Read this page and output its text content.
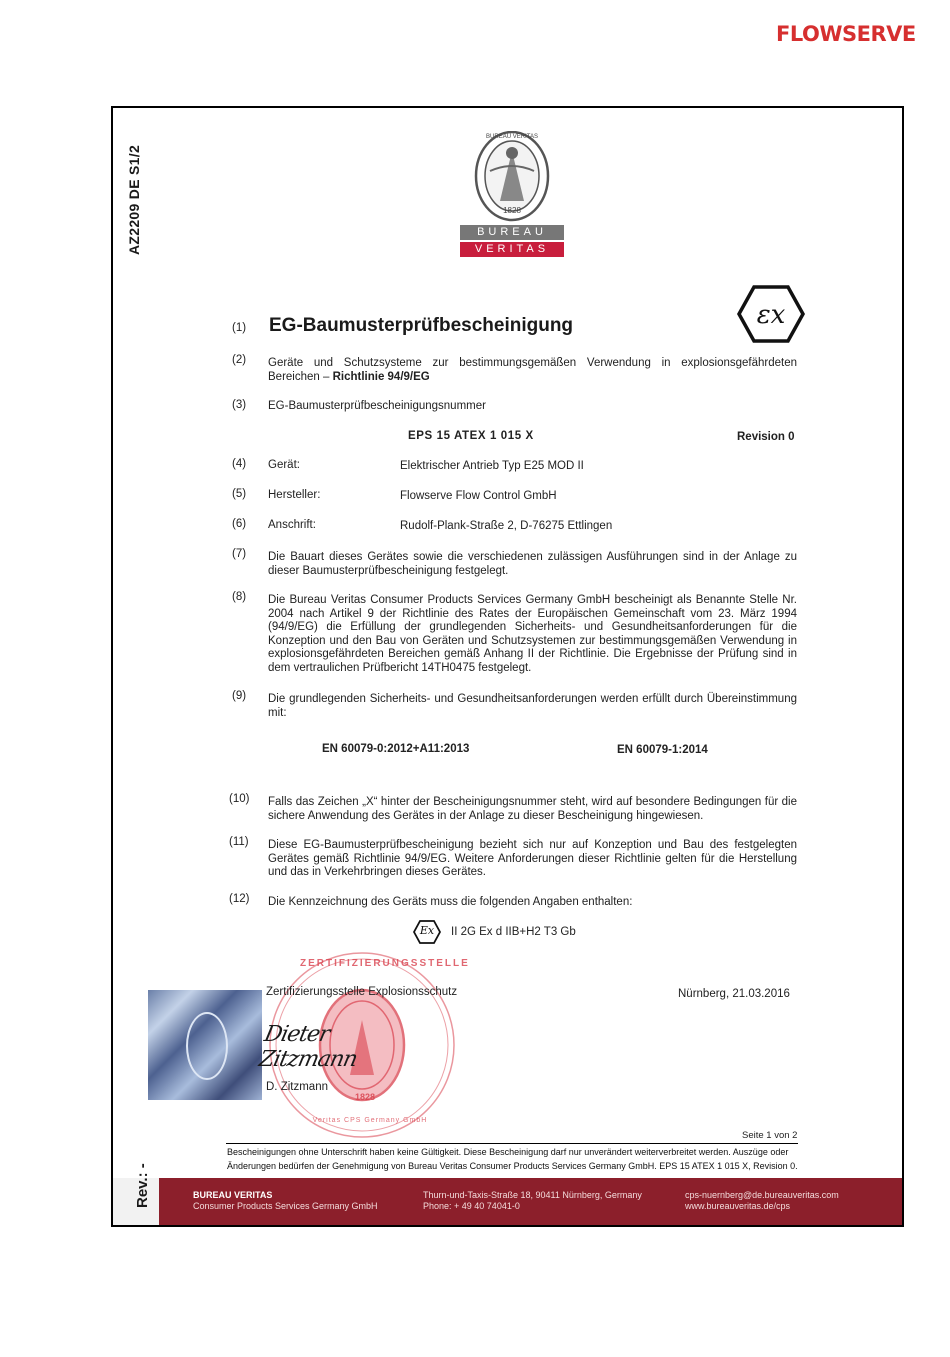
FLOWSERVE
AZ2209 DE S1/2
BUREAU VERITAS
1828
BUREAU
VERITAS
εx
(1) EG-Baumusterprüfbescheinigung
(2) Geräte und Schutzsysteme zur bestimmungsgemäßen Verwendung in explosionsgefährdeten Bereichen – Richtlinie 94/9/EG
(3) EG-Baumusterprüfbescheinigungsnummer
EPS 15 ATEX 1 015 X	Revision 0
(4) Gerät:	Elektrischer Antrieb Typ E25 MOD II
(5) Hersteller:	Flowserve Flow Control GmbH
(6) Anschrift:	Rudolf-Plank-Straße 2, D-76275 Ettlingen
(7) Die Bauart dieses Gerätes sowie die verschiedenen zulässigen Ausführungen sind in der Anlage zu dieser Baumusterprüfbescheinigung festgelegt.
(8) Die Bureau Veritas Consumer Products Services Germany GmbH bescheinigt als Benannte Stelle Nr. 2004 nach Artikel 9 der Richtlinie des Rates der Europäischen Gemeinschaft vom 23. März 1994 (94/9/EG) die Erfüllung der grundlegenden Sicherheits- und Gesundheitsanforderungen für die Konzeption und den Bau von Geräten und Schutzsystemen zur bestimmungsgemäßen Verwendung in explosionsgefährdeten Bereichen gemäß Anhang II der Richtlinie. Die Ergebnisse der Prüfung sind in dem vertraulichen Prüfbericht 14TH0475 festgelegt.
(9) Die grundlegenden Sicherheits- und Gesundheitsanforderungen werden erfüllt durch Übereinstimmung mit:
EN 60079-0:2012+A11:2013	EN 60079-1:2014
(10) Falls das Zeichen „X“ hinter der Bescheinigungsnummer steht, wird auf besondere Bedingungen für die sichere Anwendung des Gerätes in der Anlage zu dieser Bescheinigung hingewiesen.
(11) Diese EG-Baumusterprüfbescheinigung bezieht sich nur auf Konzeption und Bau des festgelegten Gerätes gemäß Richtlinie 94/9/EG. Weitere Anforderungen dieser Richtlinie gelten für die Herstellung und das in Verkehrbringen dieses Gerätes.
(12) Die Kennzeichnung des Geräts muss die folgenden Angaben enthalten:
Ex	II 2G Ex d IIB+H2 T3 Gb
ZERTIFIZIERUNGSSTELLE
1828
Veritas CPS Germany GmbH
Zertifizierungsstelle Explosionsschutz	Nürnberg, 21.03.2016
Dieter Zitzmann
D. Zitzmann
Seite 1 von 2
Bescheinigungen ohne Unterschrift haben keine Gültigkeit. Diese Bescheinigung darf nur unverändert weiterverbreitet werden. Auszüge oder
Änderungen bedürfen der Genehmigung von Bureau Veritas Consumer Products Services Germany GmbH. EPS 15 ATEX 1 015 X, Revision 0.
Rev.: -	BUREAU VERITAS
Consumer Products Services Germany GmbH
Thurn-und-Taxis-Straße 18, 90411 Nürnberg, Germany
Phone: + 49 40 74041-0
cps-nuernberg@de.bureauveritas.com
www.bureauveritas.de/cps
